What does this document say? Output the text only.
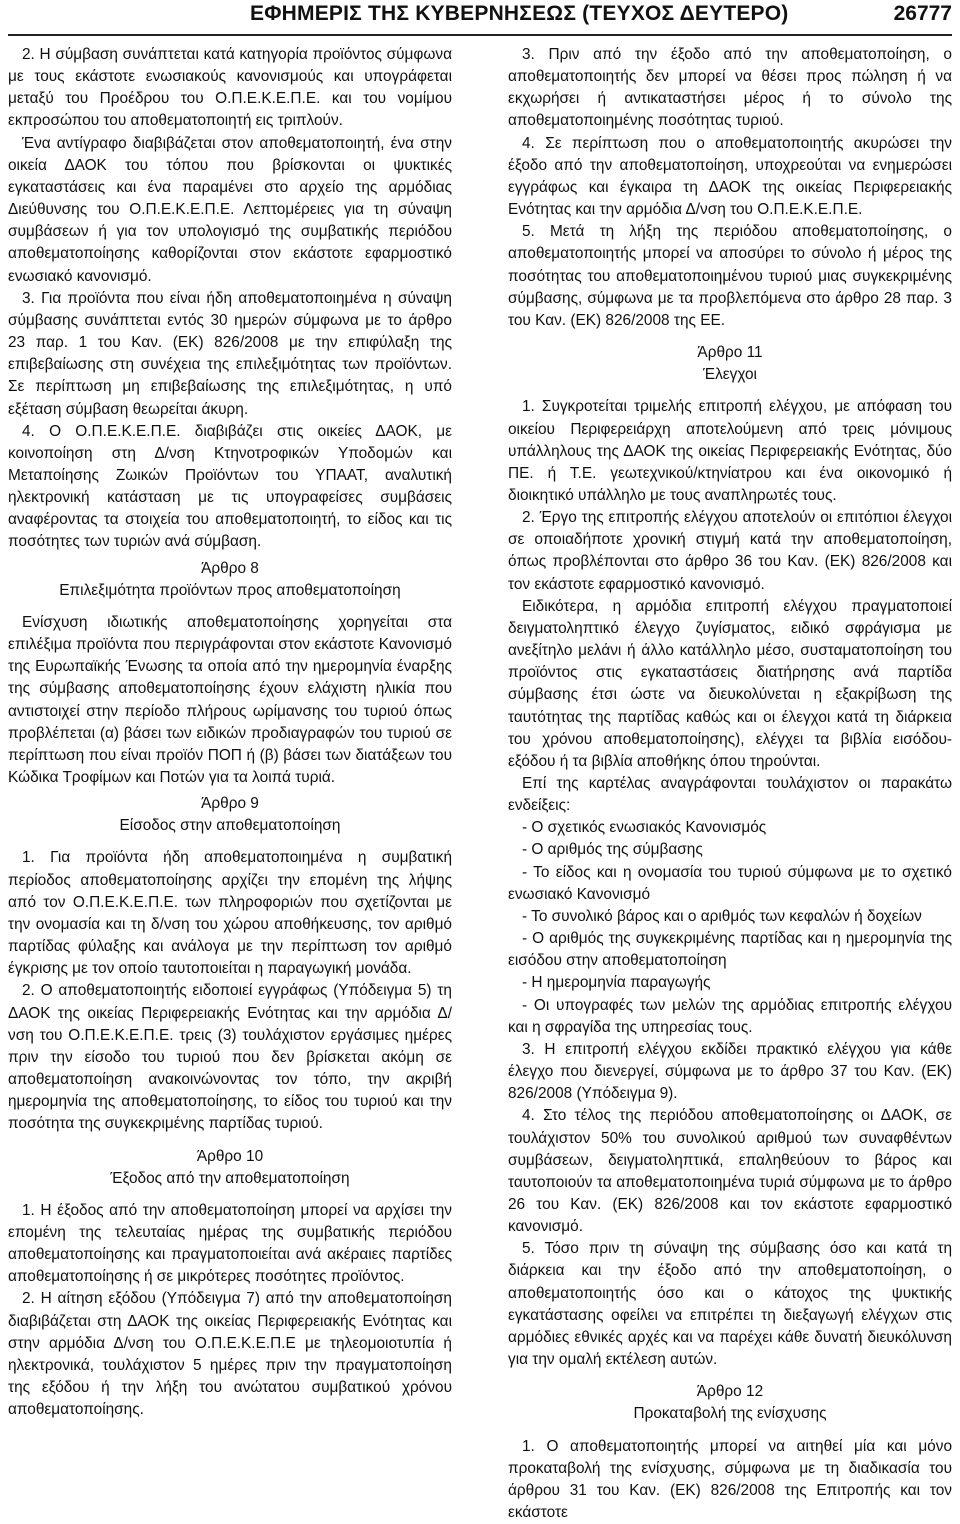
ΕΦΗΜΕΡΙΣ ΤΗΣ ΚΥΒΕΡΝΗΣΕΩΣ (ΤΕΥΧΟΣ ΔΕΥΤΕΡΟ)	26777

2. Η σύμβαση συνάπτεται κατά κατηγορία προϊόντος σύμφωνα με τους εκάστοτε ενωσιακούς κανονισμούς και υπογράφεται μεταξύ του Προέδρου του Ο.Π.Ε.Κ.Ε.Π.Ε. και του νομίμου εκπροσώπου του αποθεματοποιητή εις τριπλούν.

Ένα αντίγραφο διαβιβάζεται στον αποθεματοποιητή, ένα στην οικεία ΔΑΟΚ του τόπου που βρίσκονται οι ψυκτικές εγκαταστάσεις και ένα παραμένει στο αρχείο της αρμόδιας Διεύθυνσης του Ο.Π.Ε.Κ.Ε.Π.Ε. Λεπτομέρειες για τη σύναψη συμβάσεων ή για τον υπολογισμό της συμβατικής περιόδου αποθεματοποίησης καθορίζονται στον εκάστοτε εφαρμοστικό ενωσιακό κανονισμό.

3. Για προϊόντα που είναι ήδη αποθεματοποιημένα η σύναψη σύμβασης συνάπτεται εντός 30 ημερών σύμφωνα με το άρθρο 23 παρ. 1 του Καν. (ΕΚ) 826/2008 με την επιφύλαξη της επιβεβαίωσης στη συνέχεια της επιλεξιμότητας των προϊόντων. Σε περίπτωση μη επιβεβαίωσης της επιλεξιμότητας, η υπό εξέταση σύμβαση θεωρείται άκυρη.

4. Ο Ο.Π.Ε.Κ.Ε.Π.Ε. διαβιβάζει στις οικείες ΔΑΟΚ, με κοινοποίηση στη Δ/νση Κτηνοτροφικών Υποδομών και Μεταποίησης Ζωικών Προϊόντων του ΥΠΑΑΤ, αναλυτική ηλεκτρονική κατάσταση με τις υπογραφείσες συμβάσεις αναφέροντας τα στοιχεία του αποθεματοποιητή, το είδος και τις ποσότητες των τυριών ανά σύμβαση.

Άρθρο 8

Επιλεξιμότητα προϊόντων προς αποθεματοποίηση

Ενίσχυση ιδιωτικής αποθεματοποίησης χορηγείται στα επιλέξιμα προϊόντα που περιγράφονται στον εκάστοτε Κανονισμό της Ευρωπαϊκής Ένωσης τα οποία από την ημερομηνία έναρξης της σύμβασης αποθεματοποίησης έχουν ελάχιστη ηλικία που αντιστοιχεί στην περίοδο πλήρους ωρίμανσης του τυριού όπως προβλέπεται (α) βάσει των ειδικών προδιαγραφών του τυριού σε περίπτωση που είναι προϊόν ΠΟΠ ή (β) βάσει των διατάξεων του Κώδικα Τροφίμων και Ποτών για τα λοιπά τυριά.

Άρθρο 9

Είσοδος στην αποθεματοποίηση

1. Για προϊόντα ήδη αποθεματοποιημένα η συμβατική περίοδος αποθεματοποίησης αρχίζει την επομένη της λήψης από τον Ο.Π.Ε.Κ.Ε.Π.Ε. των πληροφοριών που σχετίζονται με την ονομασία και τη δ/νση του χώρου αποθήκευσης, τον αριθμό παρτίδας φύλαξης και ανάλογα με την περίπτωση τον αριθμό έγκρισης με τον οποίο ταυτοποιείται η παραγωγική μονάδα.

2. Ο αποθεματοποιητής ειδοποιεί εγγράφως (Υπόδειγμα 5) τη ΔΑΟΚ της οικείας Περιφερειακής Ενότητας και την αρμόδια Δ/νση του Ο.Π.Ε.Κ.Ε.Π.Ε. τρεις (3) τουλάχιστον εργάσιμες ημέρες πριν την είσοδο του τυριού που δεν βρίσκεται ακόμη σε αποθεματοποίηση ανακοινώνοντας τον τόπο, την ακριβή ημερομηνία της αποθεματοποίησης, το είδος του τυριού και την ποσότητα της συγκεκριμένης παρτίδας τυριού.

Άρθρο 10

Έξοδος από την αποθεματοποίηση

1. Η έξοδος από την αποθεματοποίηση μπορεί να αρχίσει την επομένη της τελευταίας ημέρας της συμβατικής περιόδου αποθεματοποίησης και πραγματοποιείται ανά ακέραιες παρτίδες αποθεματοποίησης ή σε μικρότερες ποσότητες προϊόντος.

2. Η αίτηση εξόδου (Υπόδειγμα 7) από την αποθεματοποίηση διαβιβάζεται στη ΔΑΟΚ της οικείας Περιφερειακής Ενότητας και στην αρμόδια Δ/νση του Ο.Π.Ε.Κ.Ε.Π.Ε με τηλεομοιοτυπία ή ηλεκτρονικά, τουλάχιστον 5 ημέρες πριν την πραγματοποίηση της εξόδου ή την λήξη του ανώτατου συμβατικού χρόνου αποθεματοποίησης.

3. Πριν από την έξοδο από την αποθεματοποίηση, ο αποθεματοποιητής δεν μπορεί να θέσει προς πώληση ή να εκχωρήσει ή αντικαταστήσει μέρος ή το σύνολο της αποθεματοποιημένης ποσότητας τυριού.

4. Σε περίπτωση που ο αποθεματοποιητής ακυρώσει την έξοδο από την αποθεματοποίηση, υποχρεούται να ενημερώσει εγγράφως και έγκαιρα τη ΔΑΟΚ της οικείας Περιφερειακής Ενότητας και την αρμόδια Δ/νση του Ο.Π.Ε.Κ.Ε.Π.Ε.

5. Μετά τη λήξη της περιόδου αποθεματοποίησης, ο αποθεματοποιητής μπορεί να αποσύρει το σύνολο ή μέρος της ποσότητας του αποθεματοποιημένου τυριού μιας συγκεκριμένης σύμβασης, σύμφωνα με τα προβλεπόμενα στο άρθρο 28 παρ. 3 του Καν. (ΕΚ) 826/2008 της ΕΕ.

Άρθρο 11

Έλεγχοι

1. Συγκροτείται τριμελής επιτροπή ελέγχου, με απόφαση του οικείου Περιφερειάρχη αποτελούμενη από τρεις μόνιμους υπάλληλους της ΔΑΟΚ της οικείας Περιφερειακής Ενότητας, δύο ΠΕ. ή Τ.Ε. γεωτεχνικού/κτηνίατρου και ένα οικονομικό ή διοικητικό υπάλληλο με τους αναπληρωτές τους.

2. Έργο της επιτροπής ελέγχου αποτελούν οι επιτόπιοι έλεγχοι σε οποιαδήποτε χρονική στιγμή κατά την αποθεματοποίηση, όπως προβλέπονται στο άρθρο 36 του Καν. (ΕΚ) 826/2008 και τον εκάστοτε εφαρμοστικό κανονισμό.

Ειδικότερα, η αρμόδια επιτροπή ελέγχου πραγματοποιεί δειγματοληπτικό έλεγχο ζυγίσματος, ειδικό σφράγισμα με ανεξίτηλο μελάνι ή άλλο κατάλληλο μέσο, συσταματοποίηση του προϊόντος στις εγκαταστάσεις διατήρησης ανά παρτίδα σύμβασης έτσι ώστε να διευκολύνεται η εξακρίβωση της ταυτότητας της παρτίδας καθώς και οι έλεγχοι κατά τη διάρκεια του χρόνου αποθεματοποίησης), ελέγχει τα βιβλία εισόδου-εξόδου ή τα βιβλία αποθήκης όπου τηρούνται.

Επί της καρτέλας αναγράφονται τουλάχιστον οι παρακάτω ενδείξεις:

- Ο σχετικός ενωσιακός Κανονισμός

- Ο αριθμός της σύμβασης

- Το είδος και η ονομασία του τυριού σύμφωνα με το σχετικό ενωσιακό Κανονισμό

- Το συνολικό βάρος και ο αριθμός των κεφαλών ή δοχείων

- Ο αριθμός της συγκεκριμένης παρτίδας και η ημερομηνία της εισόδου στην αποθεματοποίηση

- Η ημερομηνία παραγωγής

- Οι υπογραφές των μελών της αρμόδιας επιτροπής ελέγχου και η σφραγίδα της υπηρεσίας τους.

3. Η επιτροπή ελέγχου εκδίδει πρακτικό ελέγχου για κάθε έλεγχο που διενεργεί, σύμφωνα με το άρθρο 37 του Καν. (ΕΚ) 826/2008 (Υπόδειγμα 9).

4. Στο τέλος της περιόδου αποθεματοποίησης οι ΔΑΟΚ, σε τουλάχιστον 50% του συνολικού αριθμού των συναφθέντων συμβάσεων, δειγματοληπτικά, επαληθεύουν το βάρος και ταυτοποιούν τα αποθεματοποιημένα τυριά σύμφωνα με το άρθρο 26 του Καν. (ΕΚ) 826/2008 και τον εκάστοτε εφαρμοστικό κανονισμό.

5. Τόσο πριν τη σύναψη της σύμβασης όσο και κατά τη διάρκεια και την έξοδο από την αποθεματοποίηση, ο αποθεματοποιητής όσο και ο κάτοχος της ψυκτικής εγκατάστασης οφείλει να επιτρέπει τη διεξαγωγή ελέγχων στις αρμόδιες εθνικές αρχές και να παρέχει κάθε δυνατή διευκόλυνση για την ομαλή εκτέλεση αυτών.

Άρθρο 12

Προκαταβολή της ενίσχυσης

1. Ο αποθεματοποιητής μπορεί να αιτηθεί μία και μόνο προκαταβολή της ενίσχυσης, σύμφωνα με τη διαδικασία του άρθρου 31 του Καν. (ΕΚ) 826/2008 της Επιτροπής και τον εκάστοτε
